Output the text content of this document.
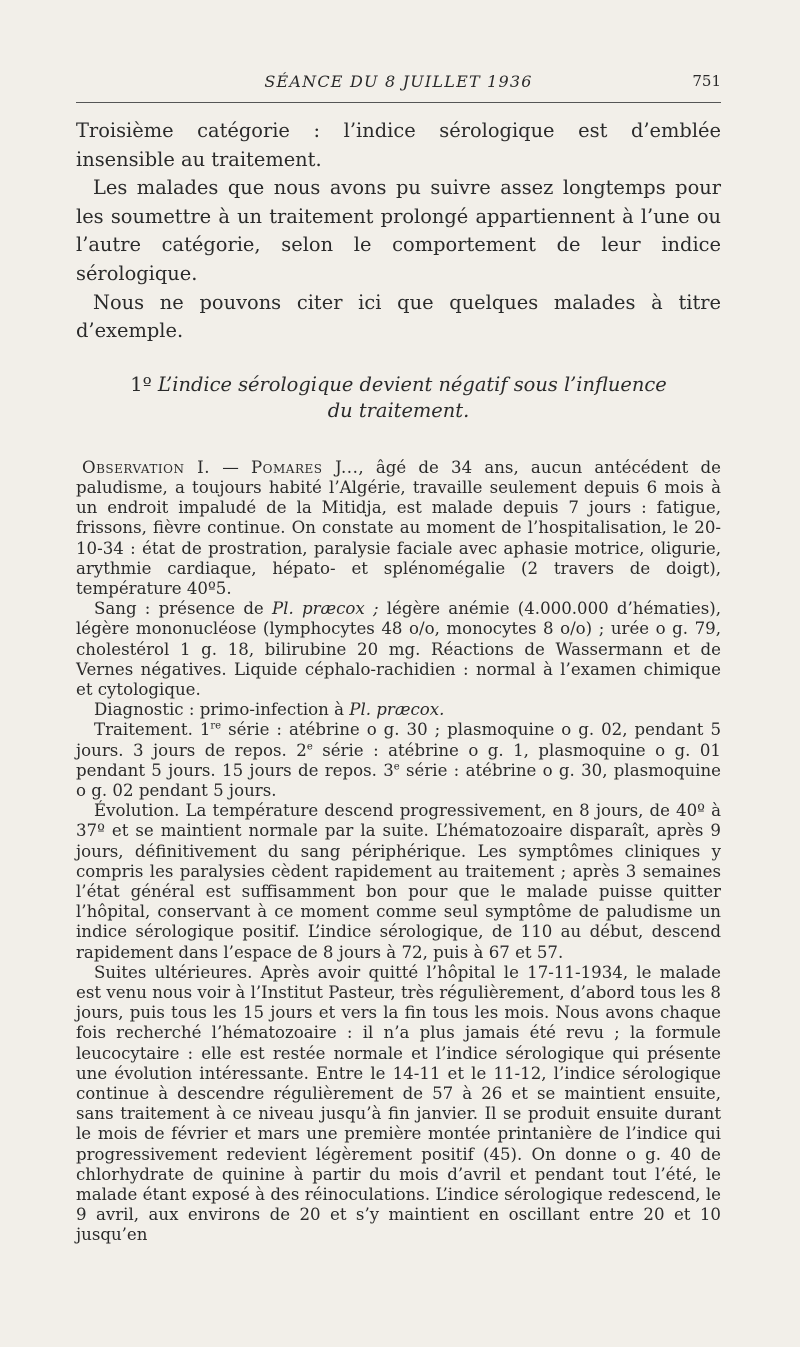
SÉANCE DU 8 JUILLET 1936	751

Troisième catégorie : l’indice sérologique est d’emblée insensible au traitement.

Les malades que nous avons pu suivre assez longtemps pour les soumettre à un traitement prolongé appartiennent à l’une ou l’autre catégorie, selon le comportement de leur indice sérologique.

Nous ne pouvons citer ici que quelques malades à titre d’exemple.

1º L’indice sérologique devient négatif sous l’influence
du traitement.

Observation I. — Pomares J..., âgé de 34 ans, aucun antécédent de paludisme, a toujours habité l’Algérie, travaille seulement depuis 6 mois à un endroit impaludé de la Mitidja, est malade depuis 7 jours : fatigue, frissons, fièvre continue. On constate au moment de l’hospitalisation, le 20-10-34 : état de prostration, paralysie faciale avec aphasie motrice, oligurie, arythmie cardiaque, hépato- et splénomégalie (2 travers de doigt), température 40º5.

Sang : présence de Pl. præcox ; légère anémie (4.000.000 d’hématies), légère mononucléose (lymphocytes 48 o/o, monocytes 8 o/o) ; urée o g. 79, cholestérol 1 g. 18, bilirubine 20 mg. Réactions de Wassermann et de Vernes négatives. Liquide céphalo-rachidien : normal à l’examen chimique et cytologique.

Diagnostic : primo-infection à Pl. præcox.

Traitement. 1re série : atébrine o g. 30 ; plasmoquine o g. 02, pendant 5 jours. 3 jours de repos. 2e série : atébrine o g. 1, plasmoquine o g. 01 pendant 5 jours. 15 jours de repos. 3e série : atébrine o g. 30, plasmoquine o g. 02 pendant 5 jours.

Évolution. La température descend progressivement, en 8 jours, de 40º à 37º et se maintient normale par la suite. L’hématozoaire disparaît, après 9 jours, définitivement du sang périphérique. Les symptômes cliniques y compris les paralysies cèdent rapidement au traitement ; après 3 semaines l’état général est suffisamment bon pour que le malade puisse quitter l’hôpital, conservant à ce moment comme seul symptôme de paludisme un indice sérologique positif. L’indice sérologique, de 110 au début, descend rapidement dans l’espace de 8 jours à 72, puis à 67 et 57.

Suites ultérieures. Après avoir quitté l’hôpital le 17-11-1934, le malade est venu nous voir à l’Institut Pasteur, très régulièrement, d’abord tous les 8 jours, puis tous les 15 jours et vers la fin tous les mois. Nous avons chaque fois recherché l’hématozoaire : il n’a plus jamais été revu ; la formule leucocytaire : elle est restée normale et l’indice sérologique qui présente une évolution intéressante. Entre le 14-11 et le 11-12, l’indice sérologique continue à descendre régulièrement de 57 à 26 et se maintient ensuite, sans traitement à ce niveau jusqu’à fin janvier. Il se produit ensuite durant le mois de février et mars une première montée printanière de l’indice qui progressivement redevient légèrement positif (45). On donne o g. 40 de chlorhydrate de quinine à partir du mois d’avril et pendant tout l’été, le malade étant exposé à des réinoculations. L’indice sérologique redescend, le 9 avril, aux environs de 20 et s’y maintient en oscillant entre 20 et 10 jusqu’en
